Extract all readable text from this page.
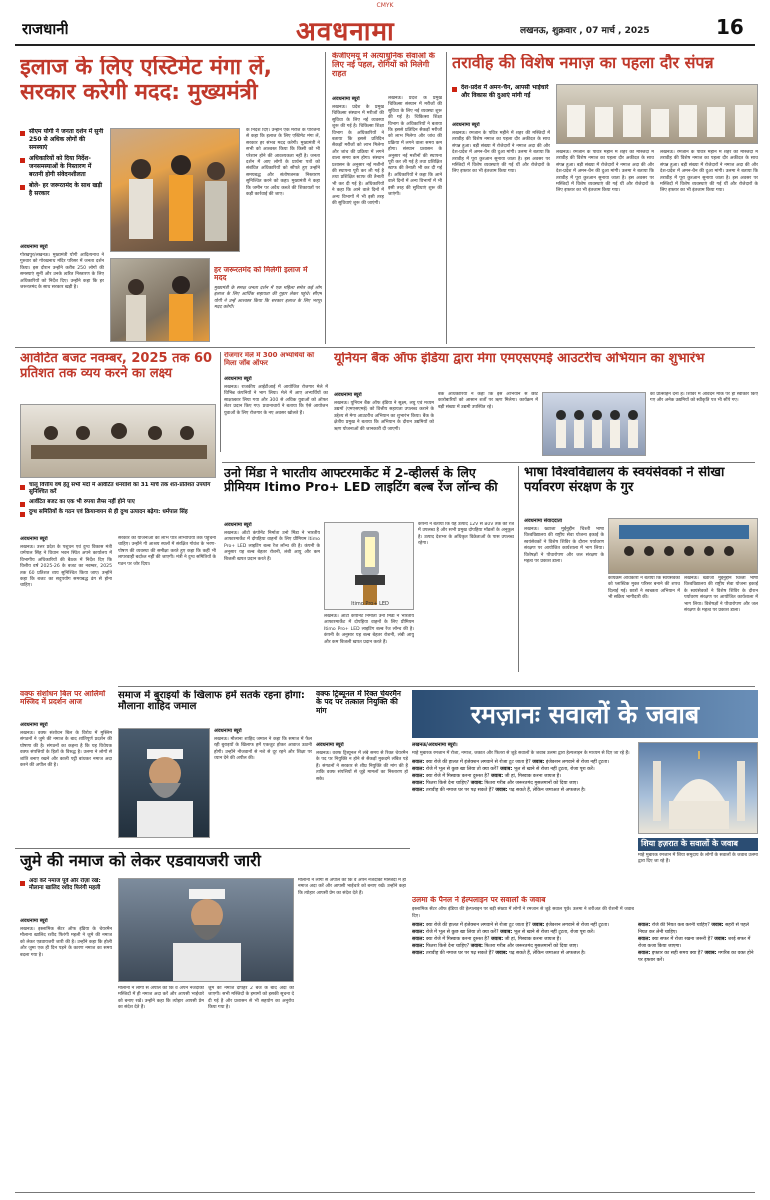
CMYK
राजधानी	अवधनामा	लखनऊ, शुक्रवार , 07 मार्च , 2025	16
इलाज के लिए एस्टिमेट मंगा लें, सरकार करेगी मदद: मुख्यमंत्री
सीएम योगी ने जनता दर्शन में सुनी 250 से अधिक लोगों की समस्याएं
अधिकारियों को दिया निर्देश- जनसमस्याओं के निस्तारण में बरतनी होगी संवेदनशीलता
बोले- हर जरूरतमंद के साथ खड़ी है सरकार
अवधनामा ब्यूरो
गोरखपुर/लखनऊ। मुख्यमंत्री योगी आदित्यनाथ ने गुरुवार को गोरखनाथ मंदिर परिसर में जनता दर्शन किया। इस दौरान उन्होंने करीब 250 लोगों की समस्याएं सुनीं और उनके त्वरित निस्तारण के लिए अधिकारियों को निर्देश दिए। उन्होंने कहा कि हर जरूरतमंद के साथ सरकार खड़ी है।
के निर्देश दिए। उन्होंने एक मरीज के परिजनों से कहा कि इलाज के लिए एस्टिमेट मंगा लें, सरकार हर संभव मदद करेगी। मुख्यमंत्री ने सभी को आश्वस्त किया कि किसी को भी परेशान होने की आवश्यकता नहीं है। जनता दर्शन में आए लोगों के प्रार्थना पत्रों को संबंधित अधिकारियों को सौंपते हुए उन्होंने समयबद्ध और संतोषजनक निस्तारण सुनिश्चित करने को कहा। मुख्यमंत्री ने कहा कि जमीन पर अवैध कब्जे की शिकायतों पर कड़ी कार्रवाई की जाए।
हर जरूरतमंद को मिलेगी इलाज में मदद
मुख्यमंत्री के समक्ष जनता दर्शन में एक महिला समेत कई लोग इलाज के लिए आर्थिक सहायता की गुहार लेकर पहुंचे। सीएम योगी ने उन्हें आश्वस्त किया कि सरकार इलाज के लिए भरपूर मदद करेगी।
केजीएमयू में अत्याधुनिक सेवाओं के लिए नई पहल, रोगियों को मिलेगी राहत
अवधनामा ब्यूरो
लखनऊ। प्रदेश के प्रमुख चिकित्सा संस्थान में मरीजों की सुविधा के लिए नई व्यवस्था शुरू की गई है। चिकित्सा शिक्षा विभाग के अधिकारियों ने बताया कि इससे प्रतिदिन सैकड़ों मरीजों को लाभ मिलेगा और जांच की प्रक्रिया में लगने वाला समय कम होगा। संस्थान प्रशासन के अनुसार नई मशीनों की स्थापना पूरी कर ली गई है तथा प्रशिक्षित स्टाफ की तैनाती भी कर दी गई है। अधिकारियों ने कहा कि आने वाले दिनों में अन्य विभागों में भी इसी तरह की सुविधाएं शुरू की जाएंगी।
लखनऊ। प्रदेश के प्रमुख चिकित्सा संस्थान में मरीजों की सुविधा के लिए नई व्यवस्था शुरू की गई है। चिकित्सा शिक्षा विभाग के अधिकारियों ने बताया कि इससे प्रतिदिन सैकड़ों मरीजों को लाभ मिलेगा और जांच की प्रक्रिया में लगने वाला समय कम होगा। संस्थान प्रशासन के अनुसार नई मशीनों की स्थापना पूरी कर ली गई है तथा प्रशिक्षित स्टाफ की तैनाती भी कर दी गई है। अधिकारियों ने कहा कि आने वाले दिनों में अन्य विभागों में भी इसी तरह की सुविधाएं शुरू की जाएंगी।
तरावीह की विशेष नमाज़ का पहला दौर संपन्न
देश-प्रदेश में अमन-चैन, आपसी भाईचारे और विकास की दुआएं मांगी गईं
अवधनामा ब्यूरो
लखनऊ। रमजान के पवित्र महीने में शहर की मस्जिदों में तरावीह की विशेष नमाज का पहला दौर अकीदत के साथ संपन्न हुआ। बड़ी संख्या में रोजेदारों ने नमाज अदा की और देश-प्रदेश में अमन-चैन की दुआ मांगी। उलमा ने बताया कि तरावीह में पूरा कुरआन सुनाया जाता है। इस अवसर पर मस्जिदों में विशेष व्यवस्थाएं की गई थीं और रोजेदारों के लिए इफ्तार का भी इंतजाम किया गया।
लखनऊ। रमजान के पवित्र महीने में शहर की मस्जिदों में तरावीह की विशेष नमाज का पहला दौर अकीदत के साथ संपन्न हुआ। बड़ी संख्या में रोजेदारों ने नमाज अदा की और देश-प्रदेश में अमन-चैन की दुआ मांगी। उलमा ने बताया कि तरावीह में पूरा कुरआन सुनाया जाता है। इस अवसर पर मस्जिदों में विशेष व्यवस्थाएं की गई थीं और रोजेदारों के लिए इफ्तार का भी इंतजाम किया गया।
लखनऊ। रमजान के पवित्र महीने में शहर की मस्जिदों में तरावीह की विशेष नमाज का पहला दौर अकीदत के साथ संपन्न हुआ। बड़ी संख्या में रोजेदारों ने नमाज अदा की और देश-प्रदेश में अमन-चैन की दुआ मांगी। उलमा ने बताया कि तरावीह में पूरा कुरआन सुनाया जाता है। इस अवसर पर मस्जिदों में विशेष व्यवस्थाएं की गई थीं और रोजेदारों के लिए इफ्तार का भी इंतजाम किया गया।
आर्वटित बजट नवम्बर, 2025 तक 60 प्रतिशत तक व्यय करने का लक्ष्य
चालू वित्तीय वर्ष हेतु सभी मदों में आर्वटित धनराशि का 31 मार्च तक शत-प्रतिशत उपयोग सुनिश्चित करें
आर्वटित बजट का एक भी रुपया लैप्स नहीं होने पाए
दुग्ध समितियों के गठन एवं क्रियान्वयन से ही दुग्ध उत्पादन बढ़ेगा: धर्मपाल सिंह
अवधनामा ब्यूरो
लखनऊ। उत्तर प्रदेश के पशुधन एवं दुग्ध विकास मंत्री धर्मपाल सिंह ने विधान भवन स्थित अपने कार्यालय में विभागीय अधिकारियों की बैठक में निर्देश दिए कि वित्तीय वर्ष 2025-26 के बजट का नवम्बर, 2025 तक 60 प्रतिशत व्यय सुनिश्चित किया जाए। उन्होंने कहा कि बजट का सदुपयोग समयबद्ध ढंग से होना चाहिए।
सरकार की योजनाओं का लाभ पात्र लाभार्थियों तक पहुंचना चाहिए। उन्होंने गौ आश्रय स्थलों में संरक्षित गोवंश के भरण-पोषण की व्यवस्था की समीक्षा करते हुए कहा कि कहीं भी लापरवाही बर्दाश्त नहीं की जाएगी। मंत्री ने दुग्ध समितियों के गठन पर जोर दिया।
वक्फ संशोधन बिल पर आलिमों मस्जिद में प्रदर्शन आज
अवधनामा ब्यूरो
लखनऊ। वक्फ संशोधन बिल के विरोध में मुस्लिम संगठनों ने जुमे की नमाज के बाद शांतिपूर्ण प्रदर्शन की घोषणा की है। संगठनों का कहना है कि यह विधेयक वक्फ संपत्तियों के हितों के विरुद्ध है। उलमा ने लोगों से शांति बनाए रखने और काली पट्टी बांधकर नमाज अदा करने की अपील की है।
रोजगार मेले में 300 अभ्यर्थियों को मिला जॉब ऑफर
अवधनामा ब्यूरो
लखनऊ। राजकीय आईटीआई में आयोजित रोजगार मेले में विभिन्न कंपनियों ने भाग लिया। मेले में आए अभ्यर्थियों का साक्षात्कार लिया गया और 300 से अधिक युवाओं को ऑफर लेटर प्रदान किए गए। प्रधानाचार्य ने बताया कि ऐसे आयोजन युवाओं के लिए रोजगार के नए अवसर खोलते हैं।
यूनियन बैंक ऑफ इंडिया द्वारा मेगा एमएसएमई आउटरीच अभियान का शुभारंभ
अवधनामा ब्यूरो
लखनऊ। यूनियन बैंक ऑफ इंडिया ने सूक्ष्म, लघु एवं मध्यम उद्यमों (एमएसएमई) को वित्तीय सहायता उपलब्ध कराने के उद्देश्य से मेगा आउटरीच अभियान का शुभारंभ किया। बैंक के क्षेत्रीय प्रमुख ने बताया कि अभियान के दौरान उद्यमियों को ऋण योजनाओं की जानकारी दी जाएगी।
बैंक अधिकारियों ने कहा कि इस अभियान से छोटे कारोबारियों को आसान शर्तों पर ऋण मिलेगा। कार्यक्रम में बड़ी संख्या में उद्यमी उपस्थित रहे।
को प्रोत्साहन देना है। शिविर में आवेदन मौके पर ही स्वीकार किए गए और अनेक उद्यमियों को स्वीकृति पत्र भी सौंपे गए।
उनो मिंडा ने भारतीय आफ्टरमार्केट में 2-व्हीलर्स के लिए प्रीमियम Itimo Pro+ LED लाइटिंग बल्ब रेंज लॉन्च की
अवधनामा ब्यूरो
लखनऊ। ऑटो कंपोनेंट निर्माता उनो मिंडा ने भारतीय आफ्टरमार्केट में दोपहिया वाहनों के लिए प्रीमियम Itimo Pro+ LED लाइटिंग बल्ब रेंज लॉन्च की है। कंपनी के अनुसार यह बल्ब बेहतर रोशनी, लंबी आयु और कम बिजली खपत प्रदान करते हैं।
Itimo Pro+ LED
लखनऊ। ऑटो कंपोनेंट निर्माता उनो मिंडा ने भारतीय आफ्टरमार्केट में दोपहिया वाहनों के लिए प्रीमियम Itimo Pro+ LED लाइटिंग बल्ब रेंज लॉन्च की है। कंपनी के अनुसार यह बल्ब बेहतर रोशनी, लंबी आयु और कम बिजली खपत प्रदान करते हैं।
कंपनी ने बताया कि यह उत्पाद 12V से 80V तक की रेंज में उपलब्ध है और सभी प्रमुख दोपहिया मॉडलों के अनुकूल है। उत्पाद देशभर के अधिकृत विक्रेताओं के पास उपलब्ध रहेगा।
भाषा विश्वविद्यालय के स्वयंसेवकों ने सीखा पर्यावरण संरक्षण के गुर
अवधनामा संवाददाता
लखनऊ। ख्वाजा मुईनुद्दीन चिश्ती भाषा विश्वविद्यालय की राष्ट्रीय सेवा योजना इकाई के स्वयंसेवकों ने विशेष शिविर के दौरान पर्यावरण संरक्षण पर आयोजित कार्यशाला में भाग लिया। विशेषज्ञों ने पौधारोपण और जल संरक्षण के महत्व पर प्रकाश डाला।
कार्यक्रम अधिकारी ने बताया कि स्वयंसेवकों को प्लास्टिक मुक्त परिसर बनाने की शपथ दिलाई गई। छात्रों ने स्वच्छता अभियान में भी सक्रिय भागीदारी की।
लखनऊ। ख्वाजा मुईनुद्दीन चिश्ती भाषा विश्वविद्यालय की राष्ट्रीय सेवा योजना इकाई के स्वयंसेवकों ने विशेष शिविर के दौरान पर्यावरण संरक्षण पर आयोजित कार्यशाला में भाग लिया। विशेषज्ञों ने पौधारोपण और जल संरक्षण के महत्व पर प्रकाश डाला।
समाज में बुराइयों के खिलाफ हमें सतर्क रहना होगा: मौलाना शाहिद जमाल
अवधनामा ब्यूरो
लखनऊ। मौलाना शाहिद जमाल ने कहा कि समाज में फैल रही बुराइयों के खिलाफ हमें एकजुट होकर आवाज उठानी होगी। उन्होंने नौजवानों से नशे से दूर रहने और शिक्षा पर ध्यान देने की अपील की।
वक्फ ट्रिब्यूनल में रिक्त चेयरमैन के पद पर तत्काल नियुक्ति की मांग
अवधनामा ब्यूरो
लखनऊ। वक्फ ट्रिब्यूनल में लंबे समय से रिक्त चेयरमैन के पद पर नियुक्ति न होने से सैकड़ों मुकदमे लंबित पड़े हैं। संगठनों ने सरकार से शीघ्र नियुक्ति की मांग की है ताकि वक्फ संपत्तियों से जुड़े मामलों का निस्तारण हो सके।
रमज़ानः सवालों के जवाब
लखनऊ/अवधनामा ब्यूरो।
माहे मुबारक रमजान में रोजा, नमाज, जकात और फितरा से जुड़े सवालों के जवाब उलमा द्वारा हेल्पलाइन के माध्यम से दिए जा रहे हैं।
सवाल: क्या रोजे की हालत में इंजेक्शन लगवाने से रोजा टूट जाता है? जवाब: इंजेक्शन लगवाने से रोजा नहीं टूटता।
सवाल: रोजे में भूल से कुछ खा लिया तो क्या करें? जवाब: भूल से खाने से रोजा नहीं टूटता, रोजा पूरा करें।
सवाल: क्या रोजे में मिस्वाक करना दुरुस्त है? जवाब: जी हां, मिस्वाक करना जायज है।
सवाल: फितरा किसे देना चाहिए? जवाब: फितरा गरीब और जरूरतमंद मुसलमानों को दिया जाए।
सवाल: तरावीह की नमाज घर पर पढ़ सकते हैं? जवाब: पढ़ सकते हैं, लेकिन जमाअत से अफजल है।
शिया हज़रात के सवालों के जवाब
माहे मुबारक रमजान में शिया समुदाय के लोगों के सवालों के जवाब उलमा द्वारा दिए जा रहे हैं।
जुमे की नमाज को लेकर एडवायजरी जारी
अदा करें नमाज पूर्व और रोज़ा रखें: मौलाना खालिद रशीद फिरंगी महली
अवधनामा ब्यूरो
लखनऊ। इस्लामिक सेंटर ऑफ इंडिया के चेयरमैन मौलाना खालिद रशीद फिरंगी महली ने जुमे की नमाज को लेकर एडवायजरी जारी की है। उन्होंने कहा कि होली और जुमा एक ही दिन पड़ने के कारण नमाज का समय बदला गया है।
मौलाना ने लोगों से अपील की कि वे अपने नजदीकी मस्जिदों में ही नमाज अदा करें और आपसी भाईचारे को बनाए रखें। उन्होंने कहा कि त्योहार आपसी प्रेम का संदेश देते हैं।
जुमे की नमाज दोपहर 2 बजे के बाद अदा की जाएगी। सभी मस्जिदों के इमामों को इसकी सूचना दे दी गई है और प्रशासन से भी सहयोग का अनुरोध किया गया है।
मौलाना ने लोगों से अपील की कि वे अपने नजदीकी मस्जिदों में ही नमाज अदा करें और आपसी भाईचारे को बनाए रखें। उन्होंने कहा कि त्योहार आपसी प्रेम का संदेश देते हैं।
उलमा के पैनल ने हेल्पलाइन पर सवालों के जवाब
इस्लामिक सेंटर ऑफ इंडिया की हेल्पलाइन पर बड़ी संख्या में लोगों ने रमजान से जुड़े सवाल पूछे। उलमा ने शरीअत की रोशनी में जवाब दिए।
सवाल: क्या रोजे की हालत में इंजेक्शन लगवाने से रोजा टूट जाता है? जवाब: इंजेक्शन लगवाने से रोजा नहीं टूटता।
सवाल: रोजे में भूल से कुछ खा लिया तो क्या करें? जवाब: भूल से खाने से रोजा नहीं टूटता, रोजा पूरा करें।
सवाल: क्या रोजे में मिस्वाक करना दुरुस्त है? जवाब: जी हां, मिस्वाक करना जायज है।
सवाल: फितरा किसे देना चाहिए? जवाब: फितरा गरीब और जरूरतमंद मुसलमानों को दिया जाए।
सवाल: तरावीह की नमाज घर पर पढ़ सकते हैं? जवाब: पढ़ सकते हैं, लेकिन जमाअत से अफजल है।
सवाल: रोजे की नियत कब करनी चाहिए? जवाब: सहरी से पहले नियत कर लेनी चाहिए।
सवाल: क्या सफर में रोजा रखना जरूरी है? जवाब: शरई सफर में रोजा कजा किया जाएगा।
सवाल: इफ्तार का सही समय क्या है? जवाब: मगरिब का वक्त होने पर इफ्तार करें।
